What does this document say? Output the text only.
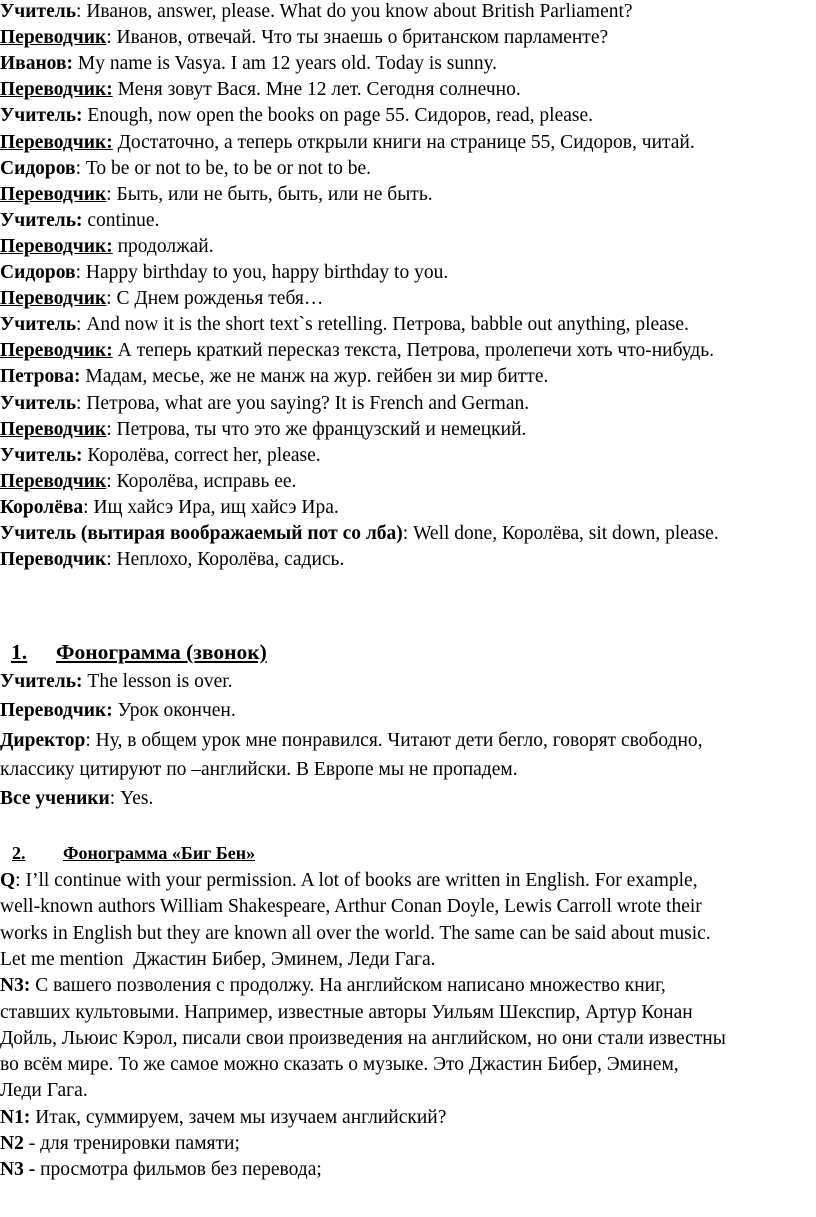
Учитель: Иванов, answer, please. What do you know about British Parliament?
Переводчик: Иванов, отвечай. Что ты знаешь о британском парламенте?
Иванов: My name is Vasya. I am 12 years old. Today is sunny.
Переводчик: Меня зовут Вася. Мне 12 лет. Сегодня солнечно.
Учитель: Enough, now open the books on page 55. Сидоров, read, please.
Переводчик: Достаточно, а теперь открыли книги на странице 55, Сидоров, читай.
Сидоров: To be or not to be, to be or not to be.
Переводчик: Быть, или не быть, быть, или не быть.
Учитель: continue.
Переводчик: продолжай.
Сидоров: Happy birthday to you, happy birthday to you.
Переводчик: С Днем рожденья тебя…
Учитель: And now it is the short text`s retelling. Петрова, babble out anything, please.
Переводчик: А теперь краткий пересказ текста, Петрова, пролепечи хоть что-нибудь.
Петрова: Мадам, месье, же не манж на жур. гейбен зи мир битте.
Учитель: Петрова, what are you saying? It is French and German.
Переводчик: Петрова, ты что это же французский и немецкий.
Учитель: Королёва, correct her, please.
Переводчик: Королёва, исправь ее.
Королёва: Ищ хайсэ Ира, ищ хайсэ Ира.
Учитель (вытирая воображаемый пот со лба): Well done, Королёва, sit down, please.
Переводчик: Неплохо, Королёва, садись.
1. Фонограмма (звонок)
Учитель: The lesson is over.
Переводчик: Урок окончен.
Директор: Ну, в общем урок мне понравился. Читают дети бегло, говорят свободно,
классику цитируют по –английски. В Европе мы не пропадем.
Все ученики: Yes.
2. Фонограмма «Биг Бен»
Q: I’ll continue with your permission. A lot of books are written in English. For example,
well-known authors William Shakespeare, Arthur Conan Doyle, Lewis Carroll wrote their
works in English but they are known all over the world. The same can be said about music.
Let me mention  Джастин Бибер, Эминем, Леди Гага.
N3: С вашего позволения с продолжу. На английском написано множество книг,
ставших культовыми. Например, известные авторы Уильям Шекспир, Артур Конан
Дойль, Льюис Кэрол, писали свои произведения на английском, но они стали известны
во всём мире. То же самое можно сказать о музыке. Это Джастин Бибер, Эминем,
Леди Гага.
N1: Итак, суммируем, зачем мы изучаем английский?
N2 - для тренировки памяти;
N3 - просмотра фильмов без перевода;
